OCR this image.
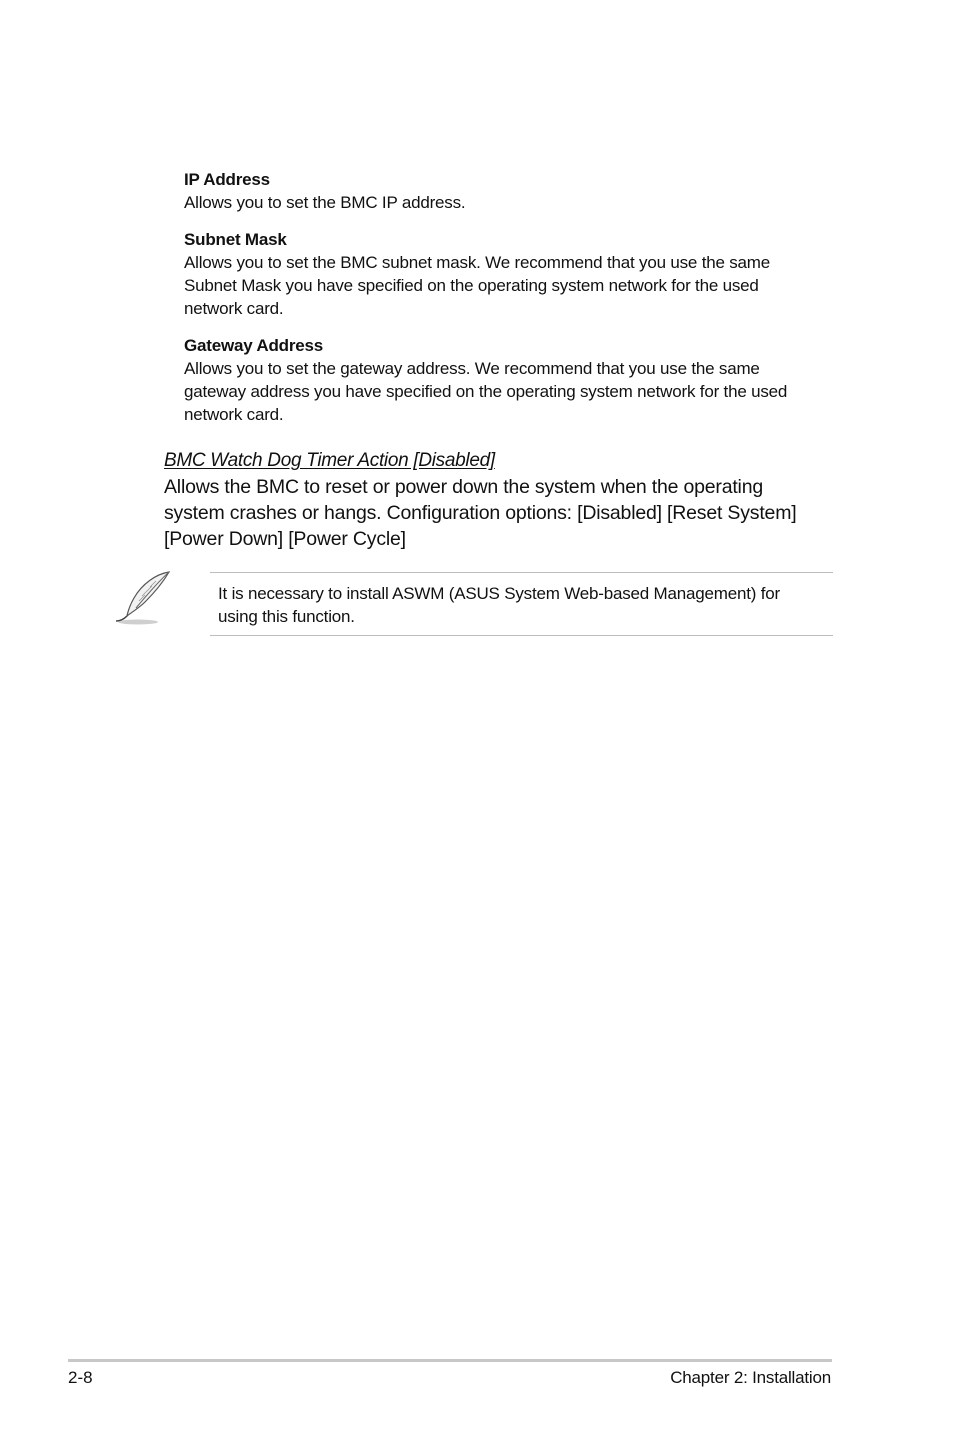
IP Address

Allows you to set the BMC IP address.

Subnet Mask

Allows you to set the BMC subnet mask. We recommend that you use the same

Subnet Mask you have specified on the operating system network for the used

network card.

Gateway Address

Allows you to set the gateway address. We recommend that you use the same

gateway address you have specified on the operating system network for the used

network card.

BMC Watch Dog Timer Action [Disabled]

Allows the BMC to reset or power down the system when the operating

system crashes or hangs. Configuration options: [Disabled] [Reset System]

[Power Down] [Power Cycle]

It is necessary to install ASWM (ASUS System Web-based Management) for
using this function.
2-8	Chapter 2: Installation
